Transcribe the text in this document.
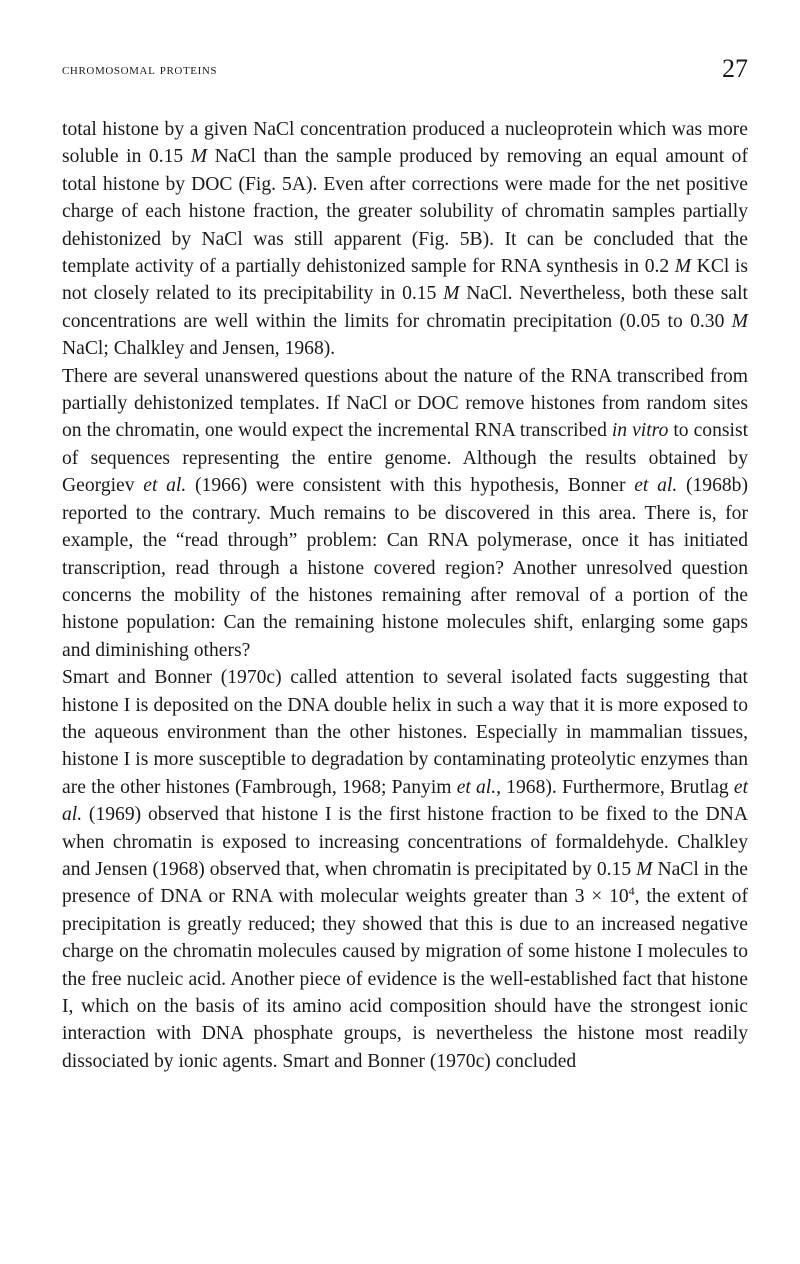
chromosomal proteins	27

total histone by a given NaCl concentration produced a nucleoprotein which was more soluble in 0.15 M NaCl than the sample produced by removing an equal amount of total histone by DOC (Fig. 5A). Even after corrections were made for the net positive charge of each histone fraction, the greater solubility of chromatin samples partially dehistonized by NaCl was still apparent (Fig. 5B). It can be concluded that the template activity of a partially dehistonized sample for RNA synthesis in 0.2 M KCl is not closely related to its precipitability in 0.15 M NaCl. Nevertheless, both these salt concentrations are well within the limits for chromatin precipitation (0.05 to 0.30 M NaCl; Chalkley and Jensen, 1968).

There are several unanswered questions about the nature of the RNA transcribed from partially dehistonized templates. If NaCl or DOC remove histones from random sites on the chromatin, one would expect the incremental RNA transcribed in vitro to consist of sequences representing the entire genome. Although the results obtained by Georgiev et al. (1966) were consistent with this hypothesis, Bonner et al. (1968b) reported to the contrary. Much remains to be discovered in this area. There is, for example, the “read through” problem: Can RNA polymerase, once it has initiated transcription, read through a histone covered region? Another unresolved question concerns the mobility of the histones remaining after removal of a portion of the histone population: Can the remaining histone molecules shift, enlarging some gaps and diminishing others?

Smart and Bonner (1970c) called attention to several isolated facts suggesting that histone I is deposited on the DNA double helix in such a way that it is more exposed to the aqueous environment than the other histones. Especially in mammalian tissues, histone I is more susceptible to degradation by contaminating proteolytic enzymes than are the other histones (Fambrough, 1968; Panyim et al., 1968). Furthermore, Brutlag et al. (1969) observed that histone I is the first histone fraction to be fixed to the DNA when chromatin is exposed to increasing concentrations of formaldehyde. Chalkley and Jensen (1968) observed that, when chromatin is precipitated by 0.15 M NaCl in the presence of DNA or RNA with molecular weights greater than $3 \times 10^4$, the extent of precipitation is greatly reduced; they showed that this is due to an increased negative charge on the chromatin molecules caused by migration of some histone I molecules to the free nucleic acid. Another piece of evidence is the well-established fact that histone I, which on the basis of its amino acid composition should have the strongest ionic interaction with DNA phosphate groups, is nevertheless the histone most readily dissociated by ionic agents. Smart and Bonner (1970c) concluded
